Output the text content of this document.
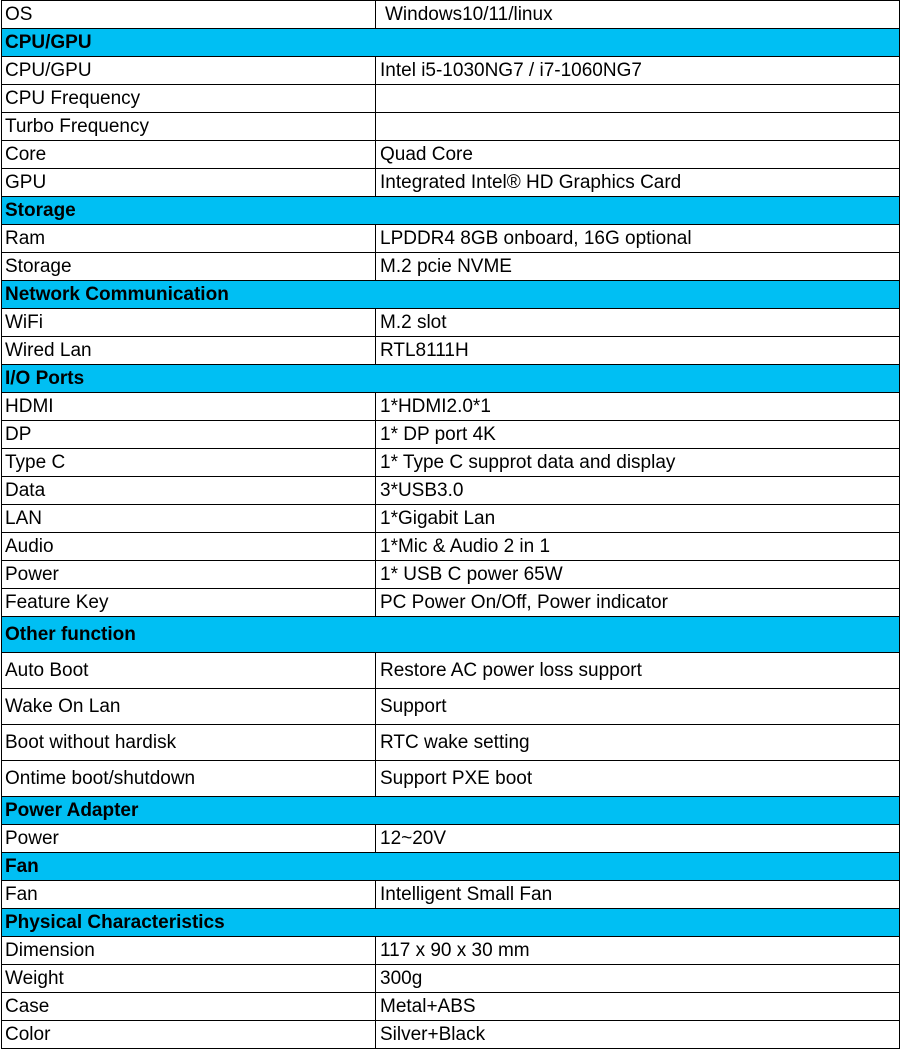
OS	Windows10/11/linux
CPU/GPU	
CPU/GPU	Intel i5-1030NG7 / i7-1060NG7
CPU Frequency	
Turbo Frequency	
Core	Quad Core
GPU	Integrated Intel® HD Graphics Card
Storage	
Ram	LPDDR4 8GB onboard, 16G optional
Storage	M.2 pcie NVME
Network Communication	
WiFi	M.2 slot
Wired Lan	RTL8111H
I/O Ports	
HDMI	1*HDMI2.0*1
DP	1* DP port 4K
Type C	1* Type C supprot data and display
Data	3*USB3.0
LAN	1*Gigabit Lan
Audio	1*Mic & Audio 2 in 1
Power	1* USB C power 65W
Feature Key	PC Power On/Off, Power indicator
Other function	
Auto Boot	Restore AC power loss support
Wake On Lan	Support
Boot without hardisk	RTC wake setting
Ontime boot/shutdown	Support PXE boot
Power Adapter	
Power	12~20V
Fan	
Fan	Intelligent Small Fan
Physical Characteristics	
Dimension	117 x 90 x 30 mm
Weight	300g
Case	Metal+ABS
Color	Silver+Black
